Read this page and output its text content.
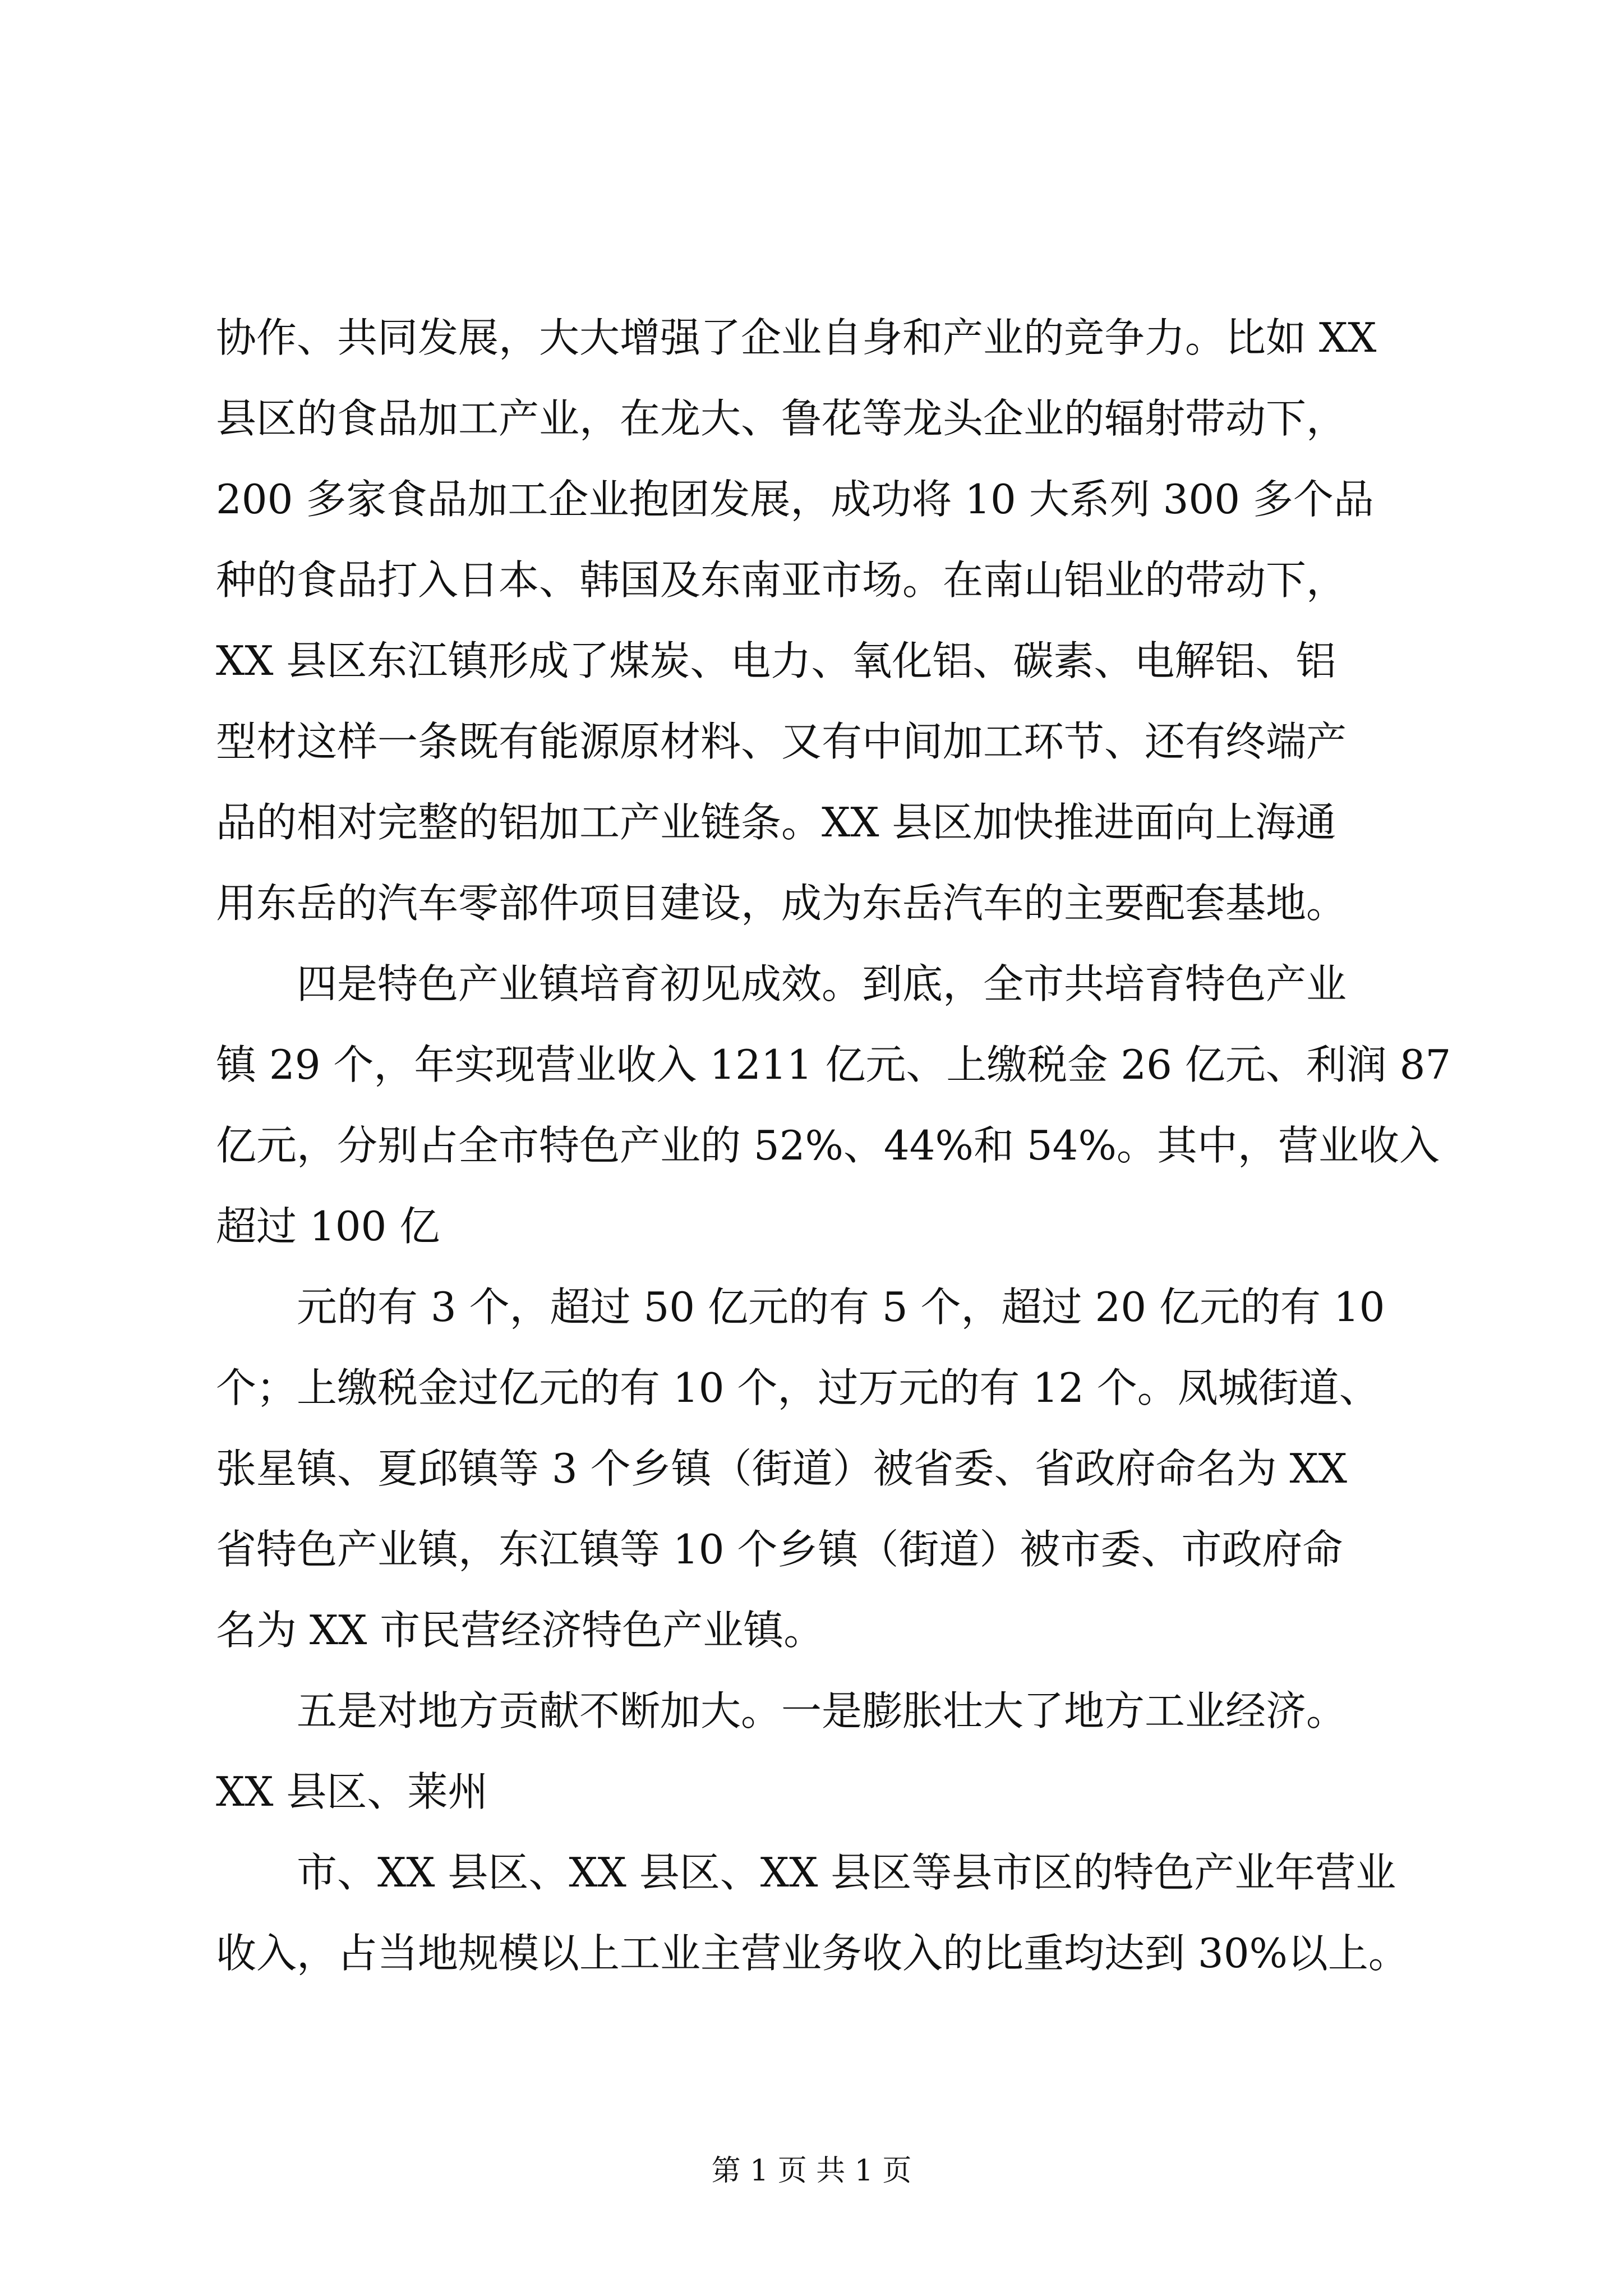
协作、共同发展，大大增强了企业自身和产业的竞争力。比如 XX
县区的食品加工产业，在龙大、鲁花等龙头企业的辐射带动下，
200 多家食品加工企业抱团发展，成功将 10 大系列 300 多个品
种的食品打入日本、韩国及东南亚市场。在南山铝业的带动下，
XX 县区东江镇形成了煤炭、电力、氧化铝、碳素、电解铝、铝
型材这样一条既有能源原材料、又有中间加工环节、还有终端产
品的相对完整的铝加工产业链条。XX 县区加快推进面向上海通
用东岳的汽车零部件项目建设，成为东岳汽车的主要配套基地。
四是特色产业镇培育初见成效。到底，全市共培育特色产业
镇 29 个，年实现营业收入 1211 亿元、上缴税金 26 亿元、利润 87
亿元，分别占全市特色产业的 52%、44%和 54%。其中，营业收入
超过 100 亿
元的有 3 个，超过 50 亿元的有 5 个，超过 20 亿元的有 10
个；上缴税金过亿元的有 10 个，过万元的有 12 个。凤城街道、
张星镇、夏邱镇等 3 个乡镇（街道）被省委、省政府命名为 XX
省特色产业镇，东江镇等 10 个乡镇（街道）被市委、市政府命
名为 XX 市民营经济特色产业镇。
五是对地方贡献不断加大。一是膨胀壮大了地方工业经济。
XX 县区、莱州
市、XX 县区、XX 县区、XX 县区等县市区的特色产业年营业
收入，占当地规模以上工业主营业务收入的比重均达到 30%以上。
第 1 页 共 1 页
